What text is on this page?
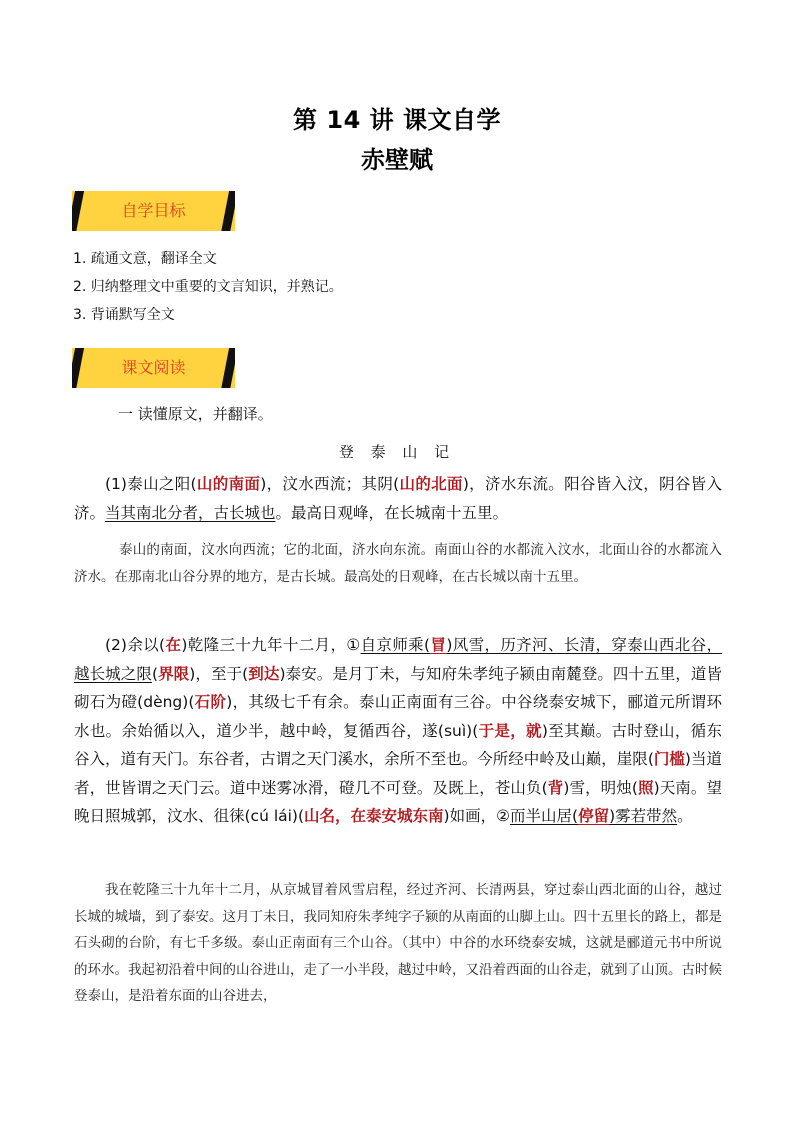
第 14 讲 课文自学
赤壁赋
自学目标
1. 疏通文意，翻译全文
2. 归纳整理文中重要的文言知识，并熟记。
3. 背诵默写全文
课文阅读
一 读懂原文，并翻译。
登 泰 山 记
(1)泰山之阳(山的南面)，汶水西流；其阴(山的北面)，济水东流。阳谷皆入汶，阴谷皆入济。当其南北分者，古长城也。最高日观峰，在长城南十五里。
泰山的南面，汶水向西流；它的北面，济水向东流。南面山谷的水都流入汶水，北面山谷的水都流入济水。在那南北山谷分界的地方，是古长城。最高处的日观峰，在古长城以南十五里。
(2)余以(在)乾隆三十九年十二月，①自京师乘(冒)风雪，历齐河、长清，穿泰山西北谷，越长城之限(界限)，至于(到达)泰安。是月丁未，与知府朱孝纯子颍由南麓登。四十五里，道皆砌石为磴(dèng)(石阶)，其级七千有余。泰山正南面有三谷。中谷绕泰安城下，郦道元所谓环水也。余始循以入，道少半，越中岭，复循西谷，遂(suì)(于是，就)至其巅。古时登山，循东谷入，道有天门。东谷者，古谓之天门溪水，余所不至也。今所经中岭及山巅，崖限(门槛)当道者，世皆谓之天门云。道中迷雾冰滑，磴几不可登。及既上，苍山负(背)雪，明烛(照)天南。望晚日照城郭，汶水、徂徕(cú lái)(山名，在泰安城东南)如画，②而半山居(停留)雾若带然。
我在乾隆三十九年十二月，从京城冒着风雪启程，经过齐河、长清两县，穿过泰山西北面的山谷，越过长城的城墙，到了泰安。这月丁未日，我同知府朱孝纯字子颍的从南面的山脚上山。四十五里长的路上，都是石头砌的台阶，有七千多级。泰山正南面有三个山谷。（其中）中谷的水环绕泰安城，这就是郦道元书中所说的环水。我起初沿着中间的山谷进山，走了一小半段，越过中岭，又沿着西面的山谷走，就到了山顶。古时候登泰山，是沿着东面的山谷进去，
